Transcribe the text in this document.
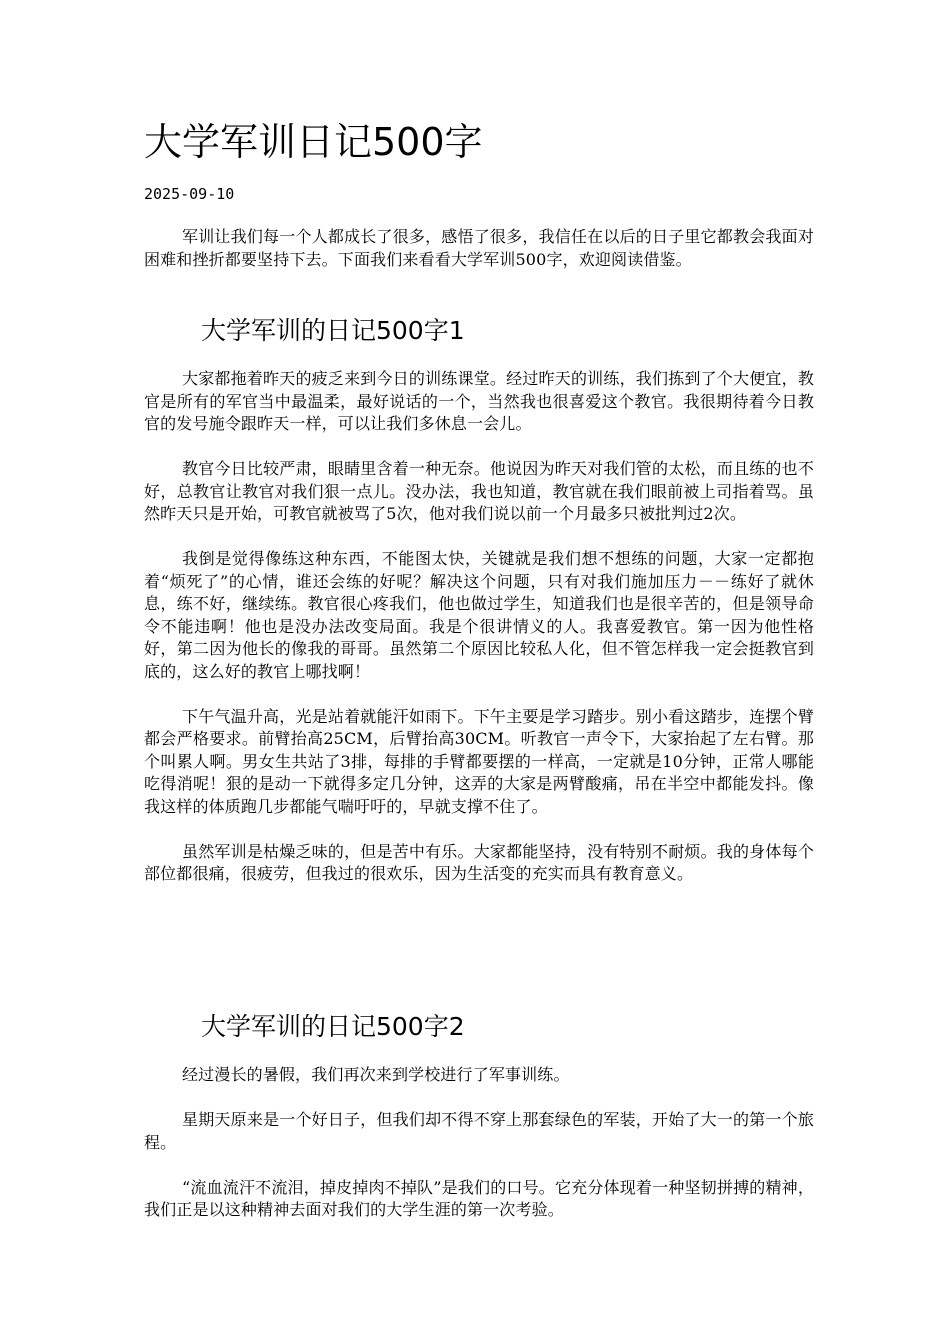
大学军训日记500字
2025-09-10

军训让我们每一个人都成长了很多，感悟了很多，我信任在以后的日子里它都教会我面对困难和挫折都要坚持下去。下面我们来看看大学军训500字，欢迎阅读借鉴。

大学军训的日记500字1

大家都拖着昨天的疲乏来到今日的训练课堂。经过昨天的训练，我们拣到了个大便宜，教官是所有的军官当中最温柔，最好说话的一个，当然我也很喜爱这个教官。我很期待着今日教官的发号施令跟昨天一样，可以让我们多休息一会儿。

教官今日比较严肃，眼睛里含着一种无奈。他说因为昨天对我们管的太松，而且练的也不好，总教官让教官对我们狠一点儿。没办法，我也知道，教官就在我们眼前被上司指着骂。虽然昨天只是开始，可教官就被骂了5次，他对我们说以前一个月最多只被批判过2次。

我倒是觉得像练这种东西，不能图太快，关键就是我们想不想练的问题，大家一定都抱着“烦死了”的心情，谁还会练的好呢？解决这个问题，只有对我们施加压力－－练好了就休息，练不好，继续练。教官很心疼我们，他也做过学生，知道我们也是很辛苦的，但是领导命令不能违啊！他也是没办法改变局面。我是个很讲情义的人。我喜爱教官。第一因为他性格好，第二因为他长的像我的哥哥。虽然第二个原因比较私人化，但不管怎样我一定会挺教官到底的，这么好的教官上哪找啊！

下午气温升高，光是站着就能汗如雨下。下午主要是学习踏步。别小看这踏步，连摆个臂都会严格要求。前臂抬高25CM，后臂抬高30CM。听教官一声令下，大家抬起了左右臂。那个叫累人啊。男女生共站了3排，每排的手臂都要摆的一样高，一定就是10分钟，正常人哪能吃得消呢！狠的是动一下就得多定几分钟，这弄的大家是两臂酸痛，吊在半空中都能发抖。像我这样的体质跑几步都能气喘吁吁的，早就支撑不住了。

虽然军训是枯燥乏味的，但是苦中有乐。大家都能坚持，没有特别不耐烦。我的身体每个部位都很痛，很疲劳，但我过的很欢乐，因为生活变的充实而具有教育意义。

大学军训的日记500字2

经过漫长的暑假，我们再次来到学校进行了军事训练。

星期天原来是一个好日子，但我们却不得不穿上那套绿色的军装，开始了大一的第一个旅程。

“流血流汗不流泪，掉皮掉肉不掉队”是我们的口号。它充分体现着一种坚韧拼搏的精神，我们正是以这种精神去面对我们的大学生涯的第一次考验。
